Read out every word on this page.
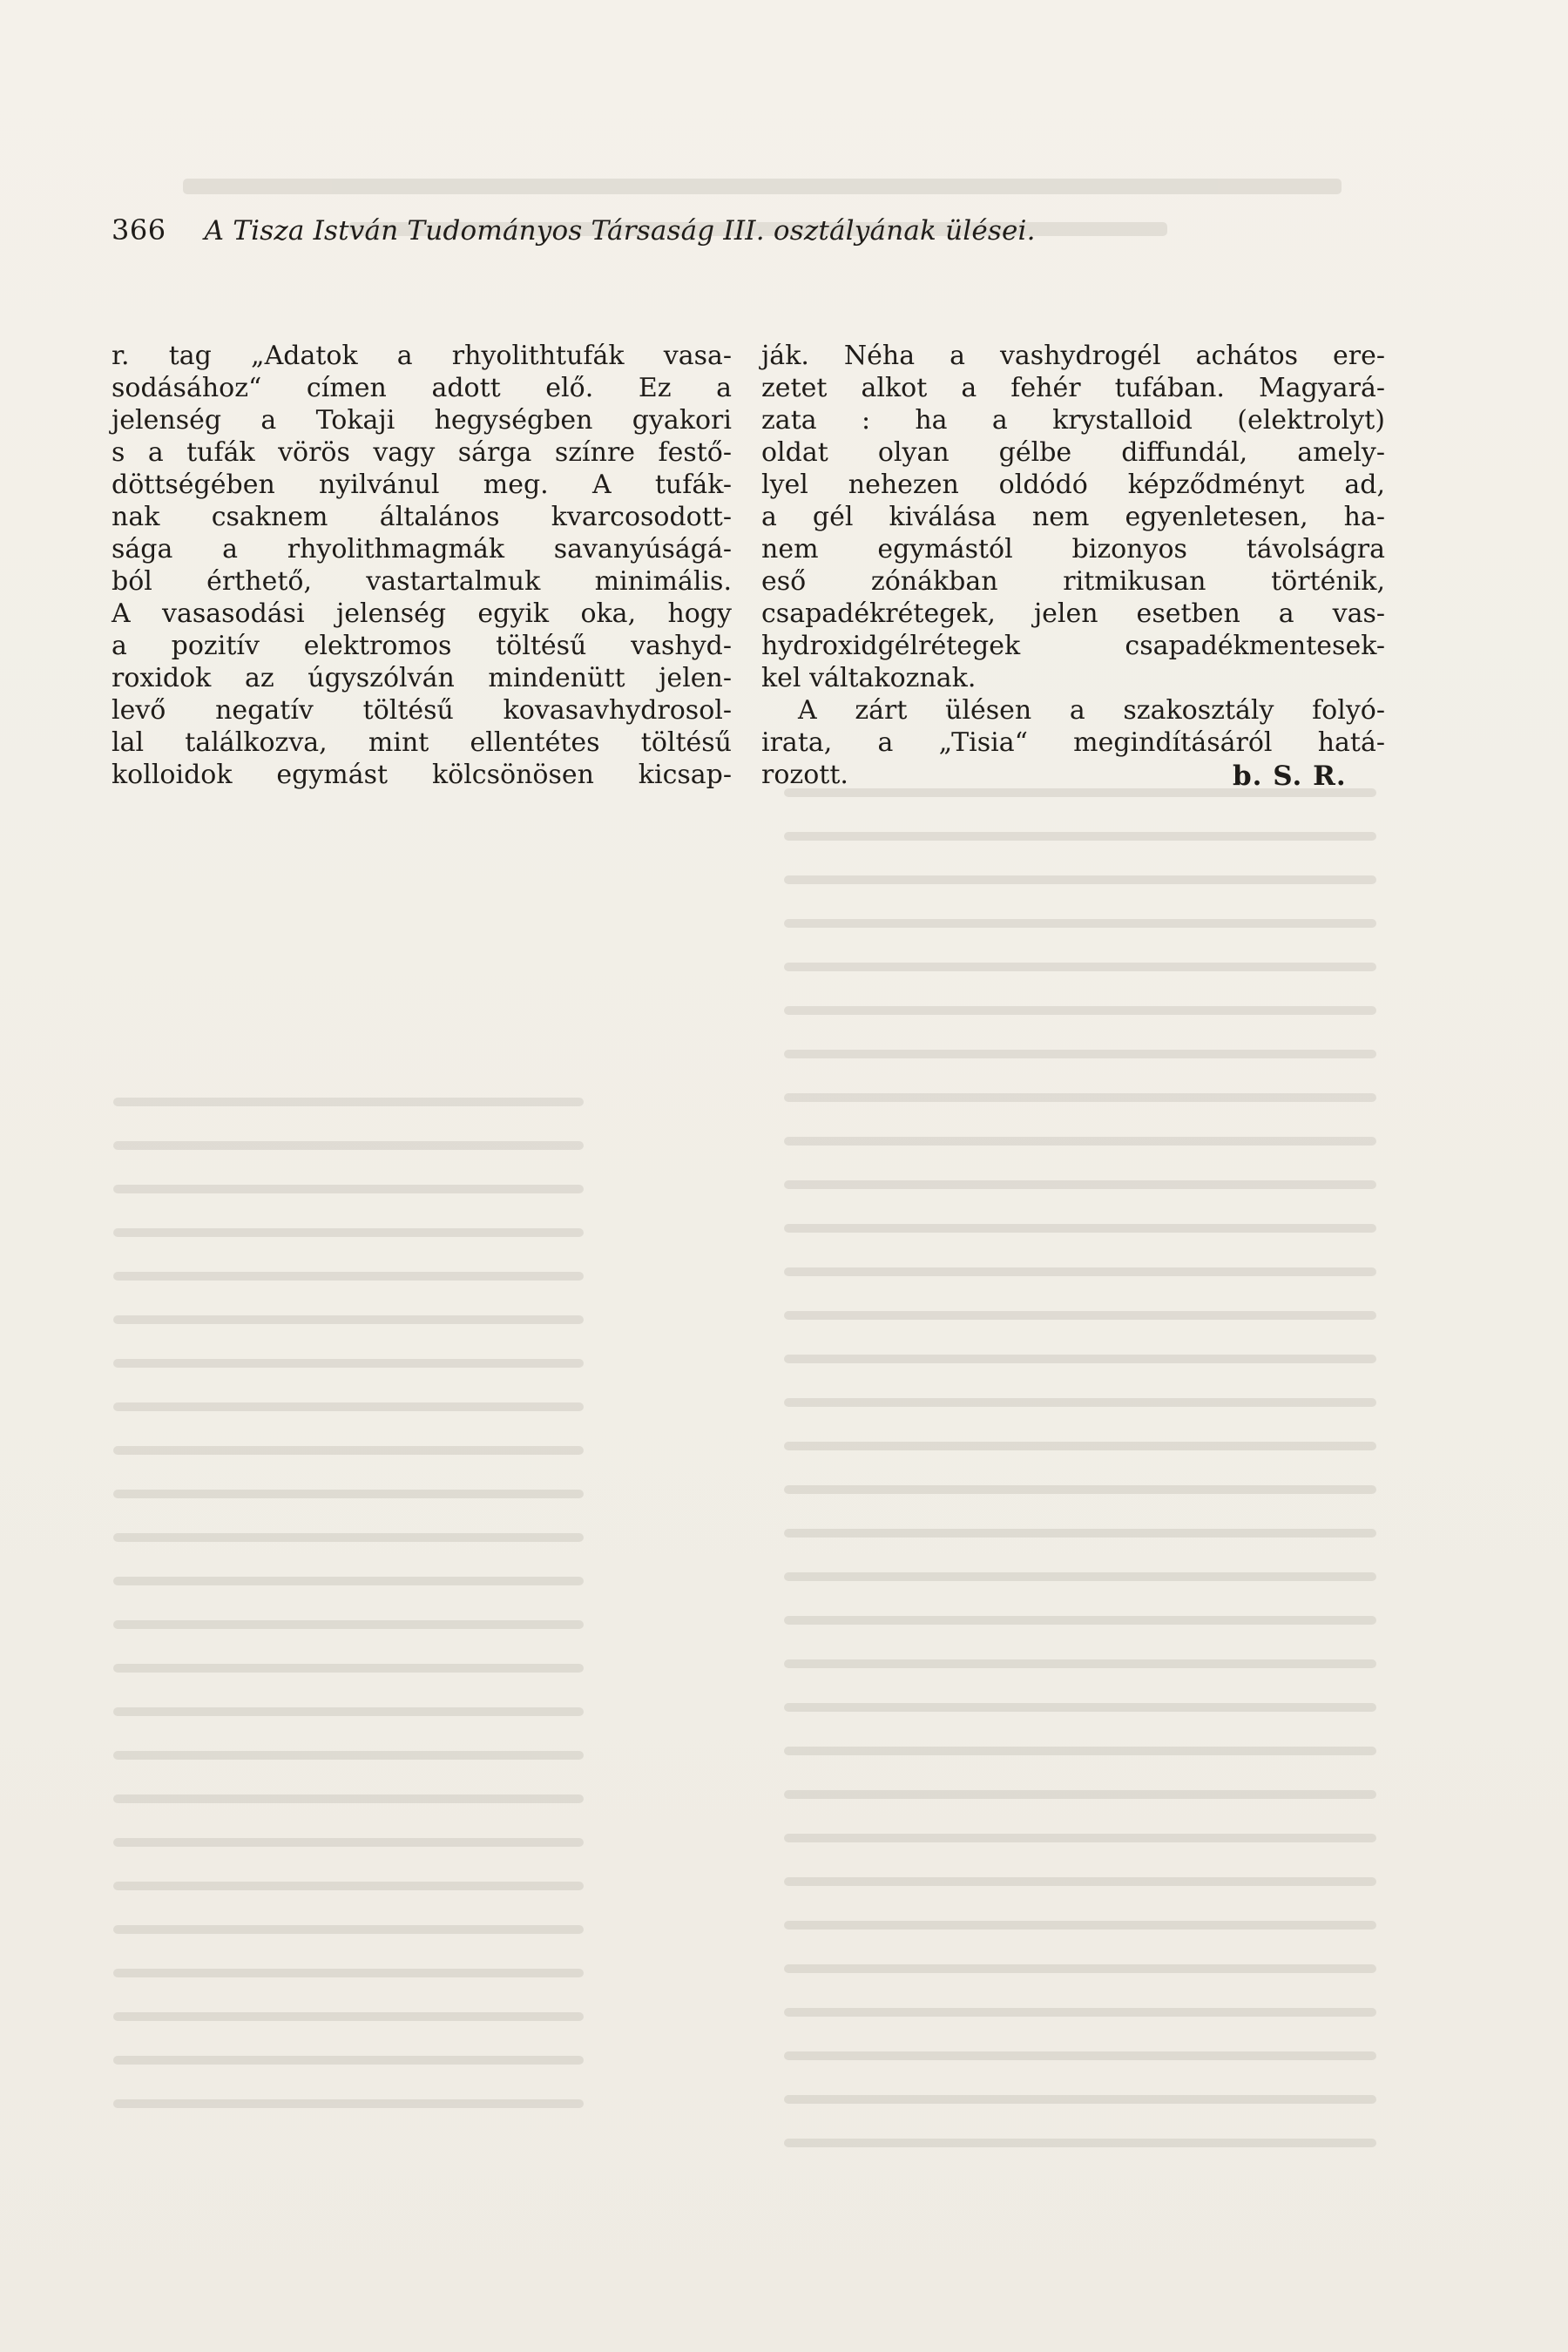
366 A Tisza István Tudományos Társaság III. osztályának ülései.
r. tag „Adatok a rhyolithtufák vasa-
sodásához“ címen adott elő. Ez a
jelenség a Tokaji hegységben gyakori
s a tufák vörös vagy sárga színre festő-
döttségében nyilvánul meg. A tufák-
nak csaknem általános kvarcosodott-
sága a rhyolithmagmák savanyúságá-
ból érthető, vastartalmuk minimális.
A vasasodási jelenség egyik oka, hogy
a pozitív elektromos töltésű vashyd-
roxidok az úgyszólván mindenütt jelen-
levő negatív töltésű kovasavhydrosol-
lal találkozva, mint ellentétes töltésű
kolloidok egymást kölcsönösen kicsap-
ják. Néha a vashydrogél achátos ere-
zetet alkot a fehér tufában. Magyará-
zata : ha a krystalloid (elektrolyt)
oldat olyan gélbe diffundál, amely-
lyel nehezen oldódó képződményt ad,
a gél kiválása nem egyenletesen, ha-
nem egymástól bizonyos távolságra
eső zónákban ritmikusan történik,
csapadékrétegek, jelen esetben a vas-
hydroxidgélrétegek csapadékmentesek-
kel váltakoznak.
A zárt ülésen a szakosztály folyó-
irata, a „Tisia“ megindításáról hatá-
rozott.	b. S. R.
